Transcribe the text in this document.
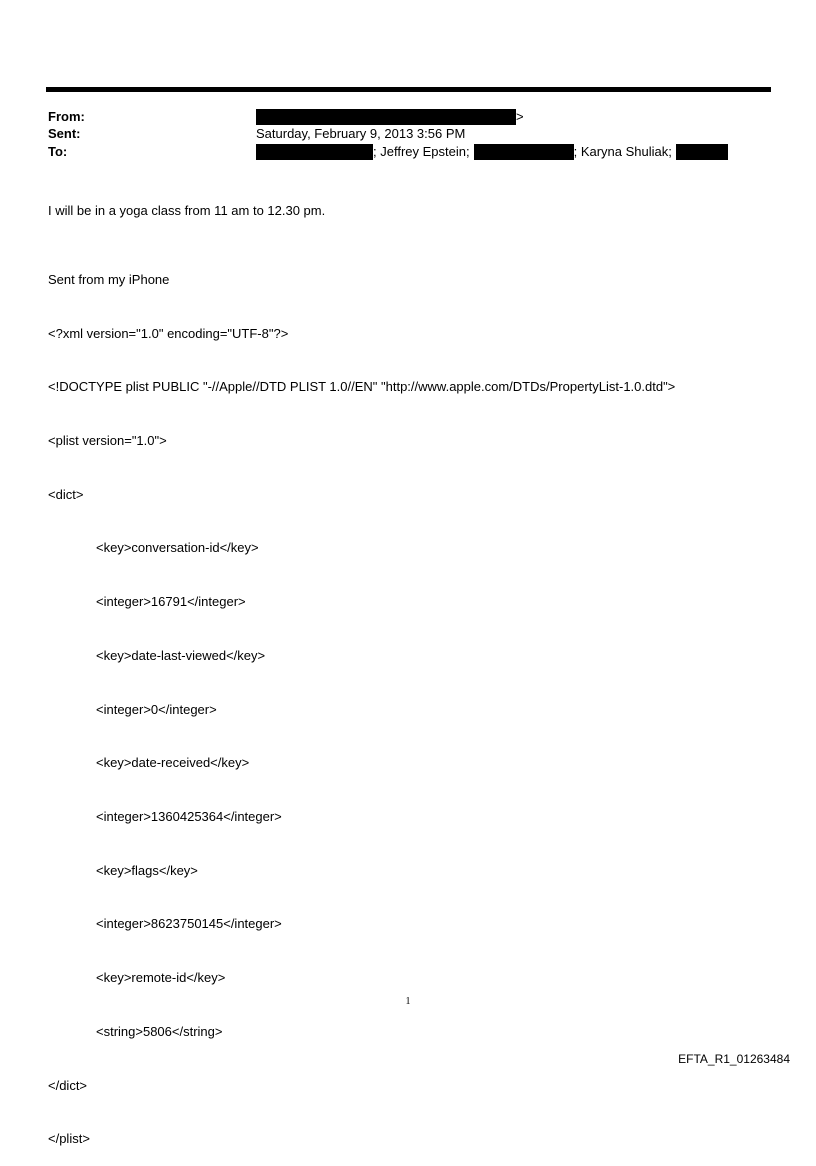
From:	>
Sent:	Saturday, February 9, 2013 3:56 PM
To:	; Jeffrey Epstein;	; Karyna Shuliak;
I will be in a yoga class from 11 am to 12.30 pm.

Sent from my iPhone

<?xml version="1.0" encoding="UTF-8"?>

<!DOCTYPE plist PUBLIC "-//Apple//DTD PLIST 1.0//EN" "http://www.apple.com/DTDs/PropertyList-1.0.dtd">

<plist version="1.0">

<dict>

<key>conversation-id</key>

<integer>16791</integer>

<key>date-last-viewed</key>

<integer>0</integer>

<key>date-received</key>

<integer>1360425364</integer>

<key>flags</key>

<integer>8623750145</integer>

<key>remote-id</key>

<string>5806</string>

</dict>

</plist>

1
EFTA_R1_01263484
